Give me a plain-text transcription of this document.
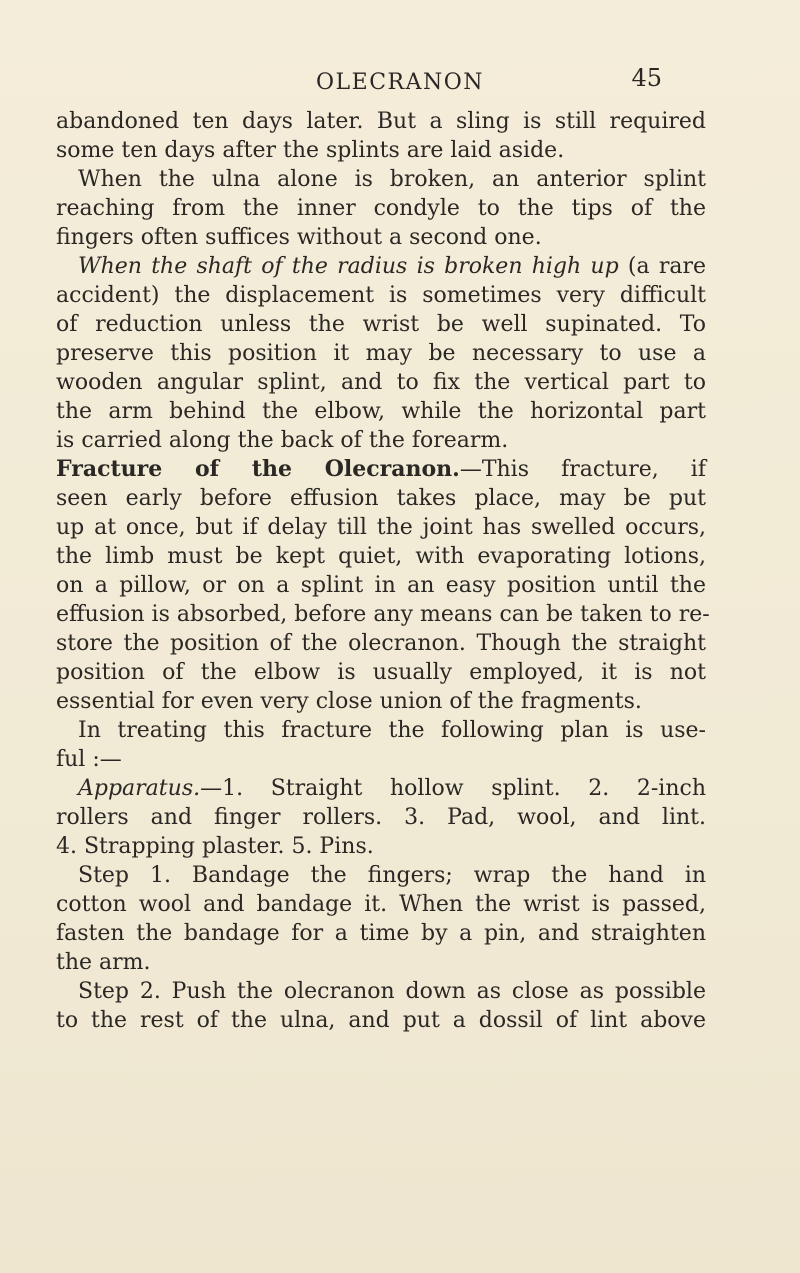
OLECRANON	45
abandoned ten days later. But a sling is still required
some ten days after the splints are laid aside.
When the ulna alone is broken, an anterior splint
reaching from the inner condyle to the tips of the
fingers often suffices without a second one.
When the shaft of the radius is broken high up (a rare
accident) the displacement is sometimes very difficult
of reduction unless the wrist be well supinated. To
preserve this position it may be necessary to use a
wooden angular splint, and to fix the vertical part to
the arm behind the elbow, while the horizontal part
is carried along the back of the forearm.
Fracture of the Olecranon.—This fracture, if
seen early before effusion takes place, may be put
up at once, but if delay till the joint has swelled occurs,
the limb must be kept quiet, with evaporating lotions,
on a pillow, or on a splint in an easy position until the
effusion is absorbed, before any means can be taken to re-
store the position of the olecranon. Though the straight
position of the elbow is usually employed, it is not
essential for even very close union of the fragments.
In treating this fracture the following plan is use-
ful :—
Apparatus.—1. Straight hollow splint. 2. 2-inch
rollers and finger rollers. 3. Pad, wool, and lint.
4. Strapping plaster. 5. Pins.
Step 1. Bandage the fingers; wrap the hand in
cotton wool and bandage it. When the wrist is passed,
fasten the bandage for a time by a pin, and straighten
the arm.
Step 2. Push the olecranon down as close as possible
to the rest of the ulna, and put a dossil of lint above
